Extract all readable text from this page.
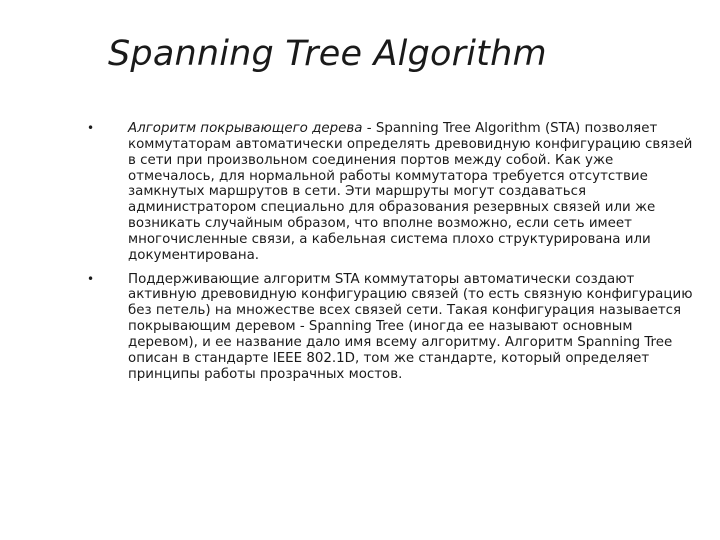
Spanning Tree Algorithm
•	Алгоритм покрывающего дерева - Spanning Tree Algorithm (STA) позволяет коммутаторам автоматически определять древовидную конфигурацию связей в сети при произвольном соединения портов между собой. Как уже отмечалось, для нормальной работы коммутатора требуется отсутствие замкнутых маршрутов в сети. Эти маршруты могут создаваться администратором специально для образования резервных связей или же возникать случайным образом, что вполне возможно, если сеть имеет многочисленные связи, а кабельная система плохо структурирована или документирована.
•	Поддерживающие алгоритм STA коммутаторы автоматически создают активную древовидную конфигурацию связей (то есть связную конфигурацию без петель) на множестве всех связей сети. Такая конфигурация называется покрывающим деревом - Spanning Tree (иногда ее называют основным деревом), и ее название дало имя всему алгоритму. Алгоритм Spanning Tree описан в стандарте IEEE 802.1D, том же стандарте, который определяет принципы работы прозрачных мостов.
